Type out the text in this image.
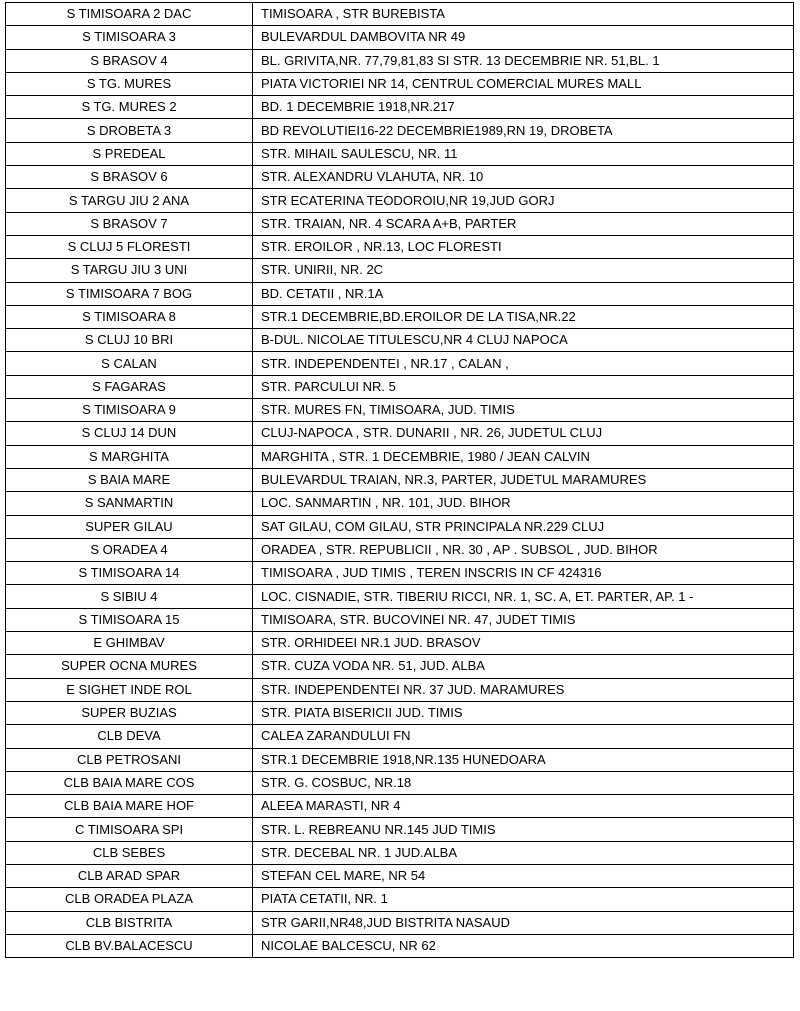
S TIMISOARA 2 DAC	TIMISOARA , STR BUREBISTA
S TIMISOARA 3	BULEVARDUL DAMBOVITA NR 49
S BRASOV 4	BL. GRIVITA,NR. 77,79,81,83 SI STR. 13 DECEMBRIE NR. 51,BL. 1
S TG. MURES	PIATA VICTORIEI NR 14, CENTRUL COMERCIAL MURES MALL
S TG. MURES 2	BD. 1 DECEMBRIE 1918,NR.217
S DROBETA 3	BD REVOLUTIEI16-22 DECEMBRIE1989,RN 19, DROBETA
S PREDEAL	STR. MIHAIL SAULESCU, NR. 11
S BRASOV 6	STR. ALEXANDRU VLAHUTA, NR. 10
S TARGU JIU 2 ANA	STR ECATERINA TEODOROIU,NR 19,JUD GORJ
S BRASOV 7	STR. TRAIAN, NR. 4 SCARA A+B, PARTER
S CLUJ 5 FLORESTI	STR. EROILOR , NR.13, LOC FLORESTI
S TARGU JIU 3 UNI	STR. UNIRII, NR. 2C
S TIMISOARA 7 BOG	BD. CETATII , NR.1A
S TIMISOARA 8	STR.1 DECEMBRIE,BD.EROILOR DE LA TISA,NR.22
S CLUJ 10 BRI	B-DUL. NICOLAE TITULESCU,NR 4 CLUJ NAPOCA
S CALAN	STR. INDEPENDENTEI , NR.17 , CALAN ,
S FAGARAS	STR. PARCULUI NR. 5
S TIMISOARA 9	STR. MURES FN, TIMISOARA, JUD. TIMIS
S CLUJ 14 DUN	CLUJ-NAPOCA , STR. DUNARII , NR. 26, JUDETUL CLUJ
S MARGHITA	MARGHITA , STR. 1 DECEMBRIE, 1980 / JEAN CALVIN
S BAIA MARE	BULEVARDUL TRAIAN, NR.3, PARTER, JUDETUL MARAMURES
S SANMARTIN	LOC. SANMARTIN , NR. 101, JUD. BIHOR
SUPER GILAU	SAT GILAU, COM GILAU, STR PRINCIPALA NR.229 CLUJ
S ORADEA 4	ORADEA , STR. REPUBLICII , NR. 30 , AP . SUBSOL , JUD. BIHOR
S TIMISOARA 14	TIMISOARA , JUD TIMIS , TEREN INSCRIS IN CF 424316
S SIBIU 4	LOC. CISNADIE, STR. TIBERIU RICCI, NR. 1, SC. A, ET. PARTER, AP. 1 -
S TIMISOARA 15	TIMISOARA, STR. BUCOVINEI NR. 47, JUDET TIMIS
E GHIMBAV	STR. ORHIDEEI NR.1 JUD. BRASOV
SUPER OCNA MURES	STR. CUZA VODA NR. 51, JUD. ALBA
E SIGHET INDE ROL	STR. INDEPENDENTEI NR. 37 JUD. MARAMURES
SUPER BUZIAS	STR. PIATA BISERICII JUD. TIMIS
CLB DEVA	CALEA ZARANDULUI FN
CLB PETROSANI	STR.1 DECEMBRIE 1918,NR.135 HUNEDOARA
CLB BAIA MARE COS	STR. G. COSBUC, NR.18
CLB BAIA MARE HOF	ALEEA MARASTI, NR 4
C TIMISOARA SPI	STR. L. REBREANU NR.145 JUD TIMIS
CLB SEBES	STR. DECEBAL NR. 1 JUD.ALBA
CLB ARAD SPAR	STEFAN CEL MARE, NR 54
CLB ORADEA PLAZA	PIATA CETATII, NR. 1
CLB BISTRITA	STR GARII,NR48,JUD BISTRITA NASAUD
CLB BV.BALACESCU	NICOLAE BALCESCU, NR 62
